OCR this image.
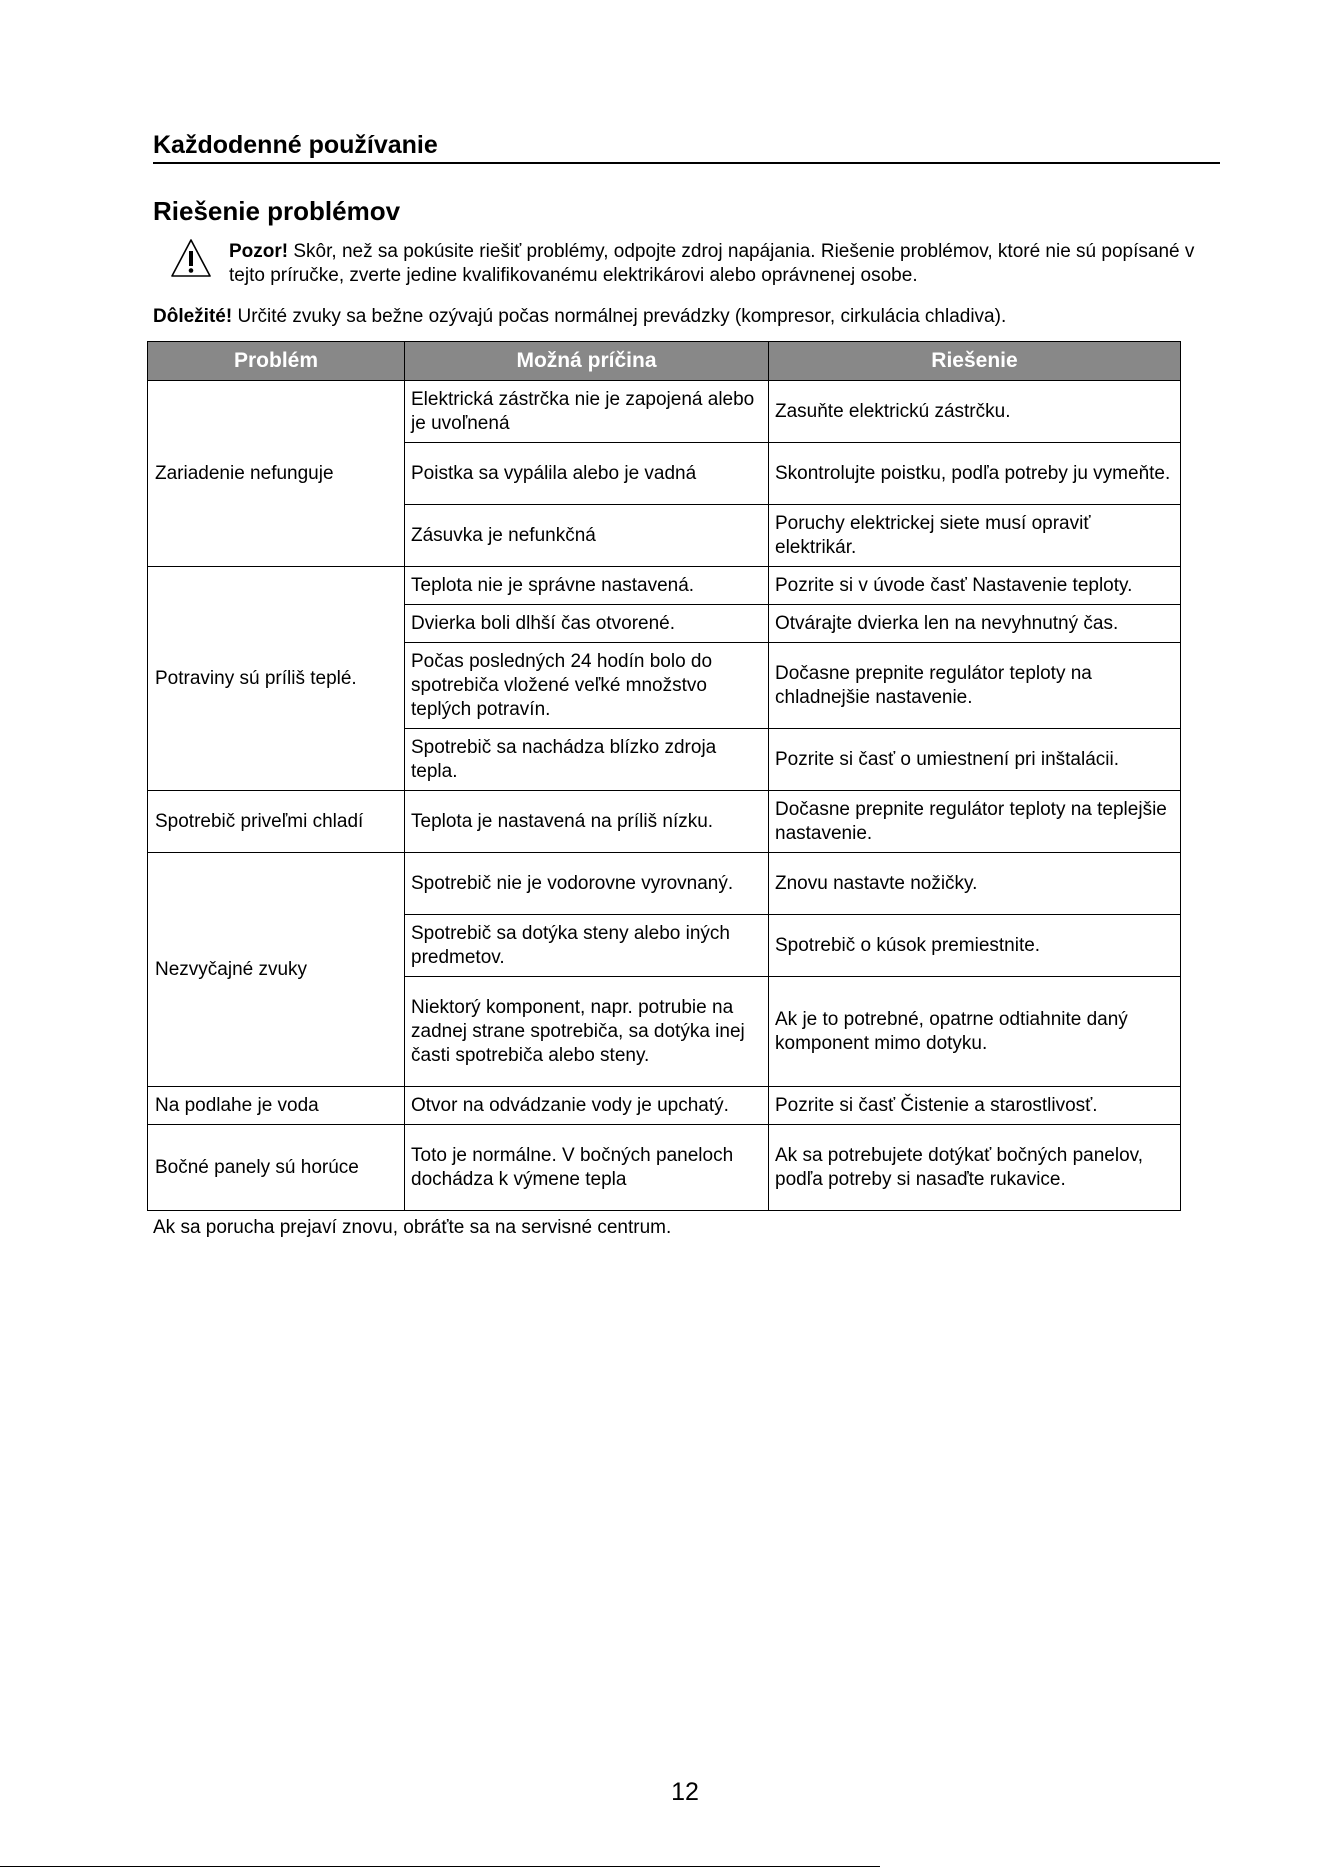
Každodenné používanie
Riešenie problémov

Pozor! Skôr, než sa pokúsite riešiť problémy, odpojte zdroj napájania. Riešenie problémov, ktoré nie sú popísané v tejto príručke, zverte jedine kvalifikovanému elektrikárovi alebo oprávnenej osobe.

Dôležité! Určité zvuky sa bežne ozývajú počas normálnej prevádzky (kompresor, cirkulácia chladiva).

Problém	Možná príčina	Riešenie
Zariadenie nefunguje	Elektrická zástrčka nie je zapojená alebo je uvoľnená	Zasuňte elektrickú zástrčku.
	Poistka sa vypálila alebo je vadná	Skontrolujte poistku, podľa potreby ju vymeňte.
	Zásuvka je nefunkčná	Poruchy elektrickej siete musí opraviť elektrikár.
Potraviny sú príliš teplé.	Teplota nie je správne nastavená.	Pozrite si v úvode časť Nastavenie teploty.
	Dvierka boli dlhší čas otvorené.	Otvárajte dvierka len na nevyhnutný čas.
	Počas posledných 24 hodín bolo do spotrebiča vložené veľké množstvo teplých potravín.	Dočasne prepnite regulátor teploty na chladnejšie nastavenie.
	Spotrebič sa nachádza blízko zdroja tepla.	Pozrite si časť o umiestnení pri inštalácii.
Spotrebič priveľmi chladí	Teplota je nastavená na príliš nízku.	Dočasne prepnite regulátor teploty na teplejšie nastavenie.
Nezvyčajné zvuky	Spotrebič nie je vodorovne vyrovnaný.	Znovu nastavte nožičky.
	Spotrebič sa dotýka steny alebo iných predmetov.	Spotrebič o kúsok premiestnite.
	Niektorý komponent, napr. potrubie na zadnej strane spotrebiča, sa dotýka inej časti spotrebiča alebo steny.	Ak je to potrebné, opatrne odtiahnite daný komponent mimo dotyku.
Na podlahe je voda	Otvor na odvádzanie vody je upchatý.	Pozrite si časť Čistenie a starostlivosť.
Bočné panely sú horúce	Toto je normálne. V bočných paneloch dochádza k výmene tepla	Ak sa potrebujete dotýkať bočných panelov, podľa potreby si nasaďte rukavice.

Ak sa porucha prejaví znovu, obráťte sa na servisné centrum.

12
